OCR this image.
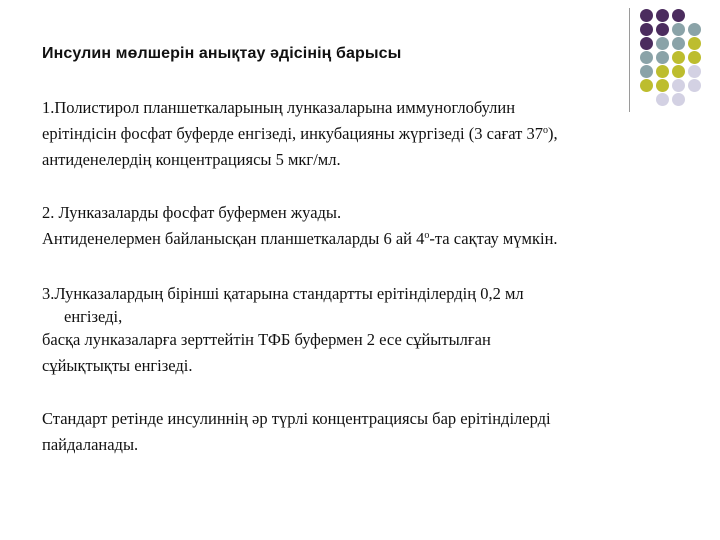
Инсулин мөлшерін анықтау әдісінің барысы
1.Полистирол планшеткаларының лунказаларына иммуноглобулин
ерітіндісін фосфат буферде енгізеді, инкубацияны жүргізеді (3 сағат 37$^o$),
антиденелердің концентрациясы 5 мкг/мл.
2. Лунказаларды фосфат буфермен жуады.
Антиденелермен байланысқан планшеткаларды 6 ай $4^о-та$ сақтау мүмкін.
3.Лунказалардың бірінші қатарына стандартты ерітінділердің 0,2 мл
енгізеді,
басқа лунказаларға зерттейтін ТФБ буфермен 2 есе сұйытылған
сұйықтықты енгізеді.
Стандарт ретінде инсулиннің әр түрлі концентрациясы бар ерітінділерді
пайдаланады.
